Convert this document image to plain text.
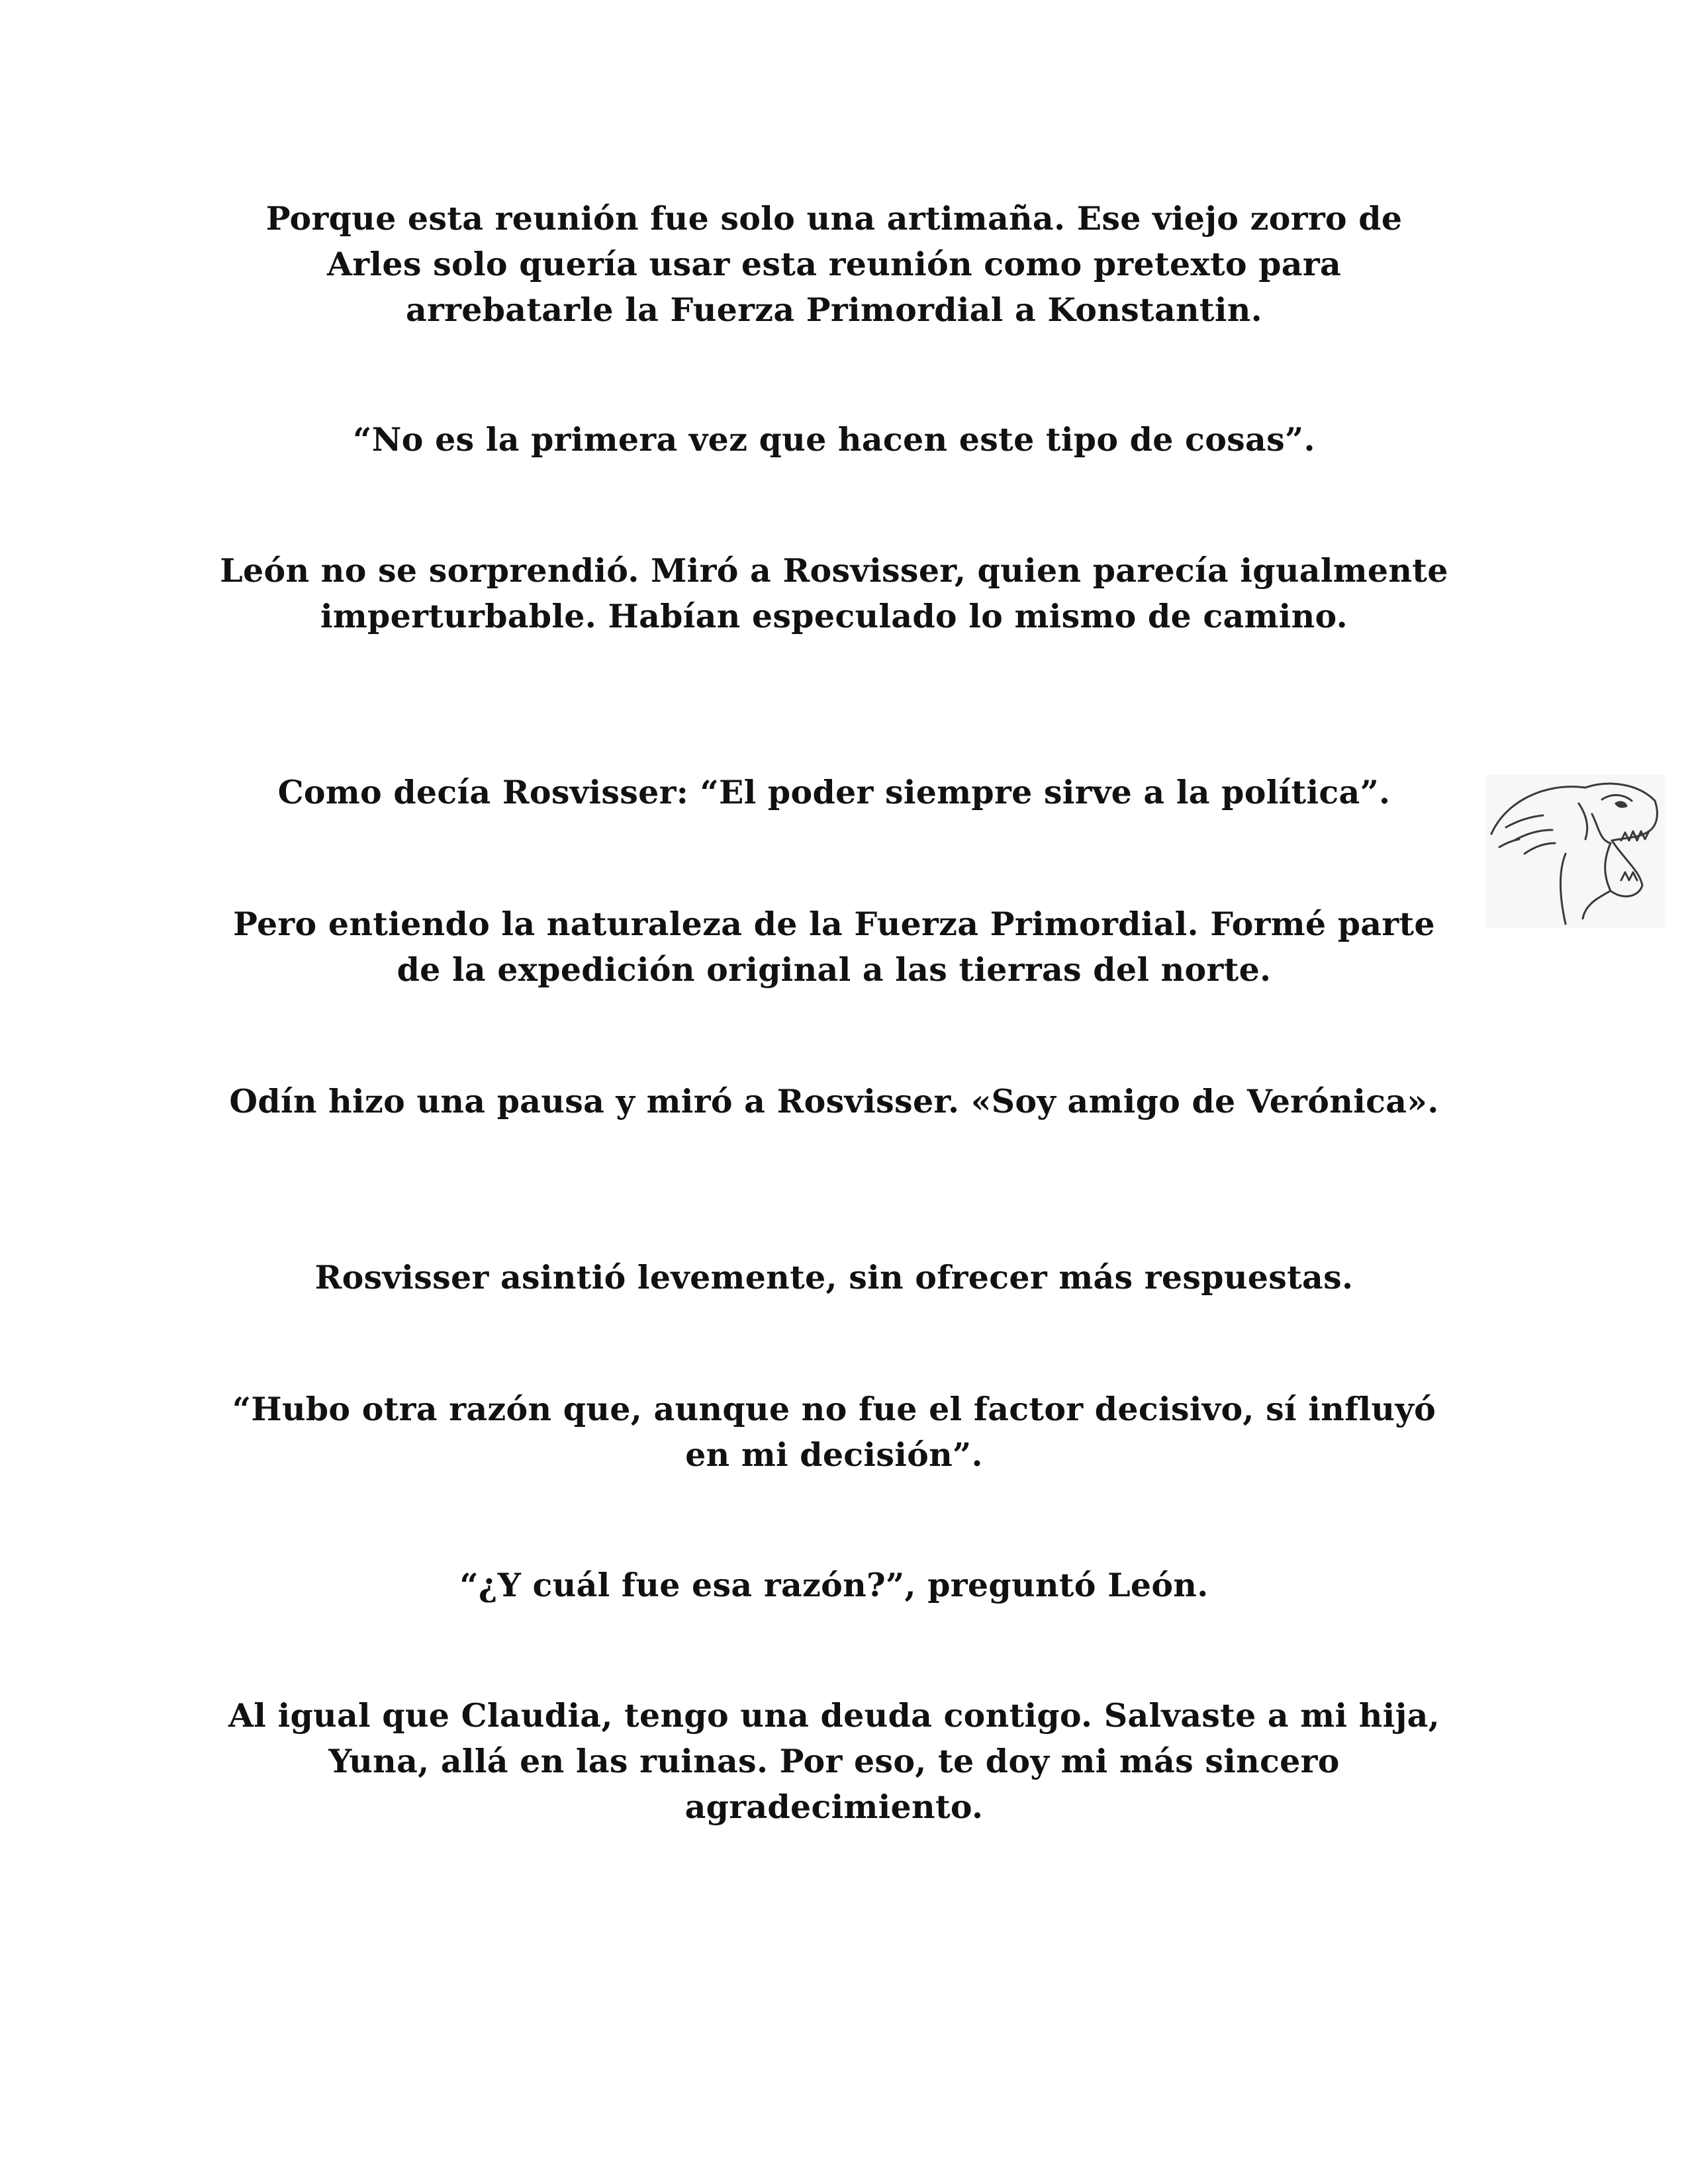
Porque esta reunión fue solo una artimaña. Ese viejo zorro de Arles solo quería usar esta reunión como pretexto para arrebatarle la Fuerza Primordial a Konstantin.

“No es la primera vez que hacen este tipo de cosas”.

León no se sorprendió. Miró a Rosvisser, quien parecía igualmente imperturbable. Habían especulado lo mismo de camino.

Como decía Rosvisser: “El poder siempre sirve a la política”.

Pero entiendo la naturaleza de la Fuerza Primordial. Formé parte de la expedición original a las tierras del norte.

Odín hizo una pausa y miró a Rosvisser. «Soy amigo de Verónica».

Rosvisser asintió levemente, sin ofrecer más respuestas.

“Hubo otra razón que, aunque no fue el factor decisivo, sí influyó en mi decisión”.

“¿Y cuál fue esa razón?”, preguntó León.

Al igual que Claudia, tengo una deuda contigo. Salvaste a mi hija, Yuna, allá en las ruinas. Por eso, te doy mi más sincero agradecimiento.
